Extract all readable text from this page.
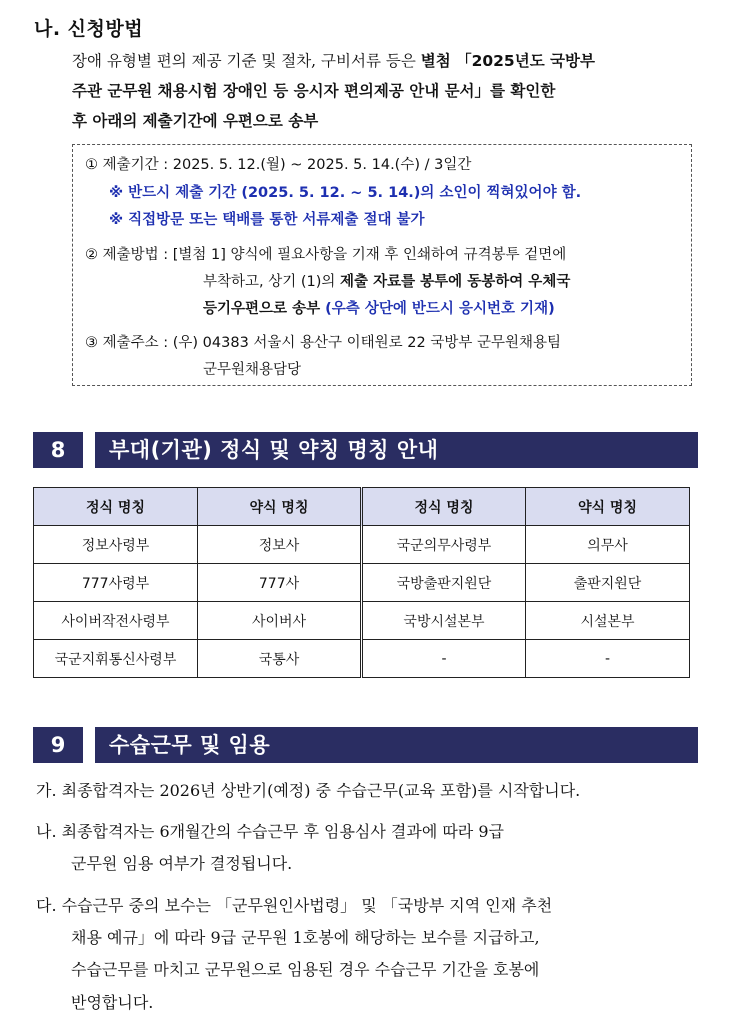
나. 신청방법
장애 유형별 편의 제공 기준 및 절차, 구비서류 등은 별첨 「2025년도 국방부
주관 군무원 채용시험 장애인 등 응시자 편의제공 안내 문서」를 확인한
후 아래의 제출기간에 우편으로 송부
① 제출기간 : 2025. 5. 12.(월) ~ 2025. 5. 14.(수) / 3일간
※ 반드시 제출 기간 (2025. 5. 12. ~ 5. 14.)의 소인이 찍혀있어야 함.
※ 직접방문 또는 택배를 통한 서류제출 절대 불가
② 제출방법 : [별첨 1] 양식에 필요사항을 기재 후 인쇄하여 규격봉투 겉면에
부착하고, 상기 (1)의 제출 자료를 봉투에 동봉하여 우체국
등기우편으로 송부 (우측 상단에 반드시 응시번호 기재)
③ 제출주소 : (우) 04383 서울시 용산구 이태원로 22 국방부 군무원채용팀
군무원채용담당
8	부대(기관) 정식 및 약칭 명칭 안내
정식 명칭	약식 명칭	정식 명칭	약식 명칭
정보사령부	정보사	국군의무사령부	의무사
777사령부	777사	국방출판지원단	출판지원단
사이버작전사령부	사이버사	국방시설본부	시설본부
국군지휘통신사령부	국통사	-	-
9	수습근무 및 임용
가. 최종합격자는 2026년 상반기(예정) 중 수습근무(교육 포함)를 시작합니다.
나. 최종합격자는 6개월간의 수습근무 후 임용심사 결과에 따라 9급
군무원 임용 여부가 결정됩니다.
다. 수습근무 중의 보수는 「군무원인사법령」 및 「국방부 지역 인재 추천
채용 예규」에 따라 9급 군무원 1호봉에 해당하는 보수를 지급하고,
수습근무를 마치고 군무원으로 임용된 경우 수습근무 기간을 호봉에
반영합니다.
